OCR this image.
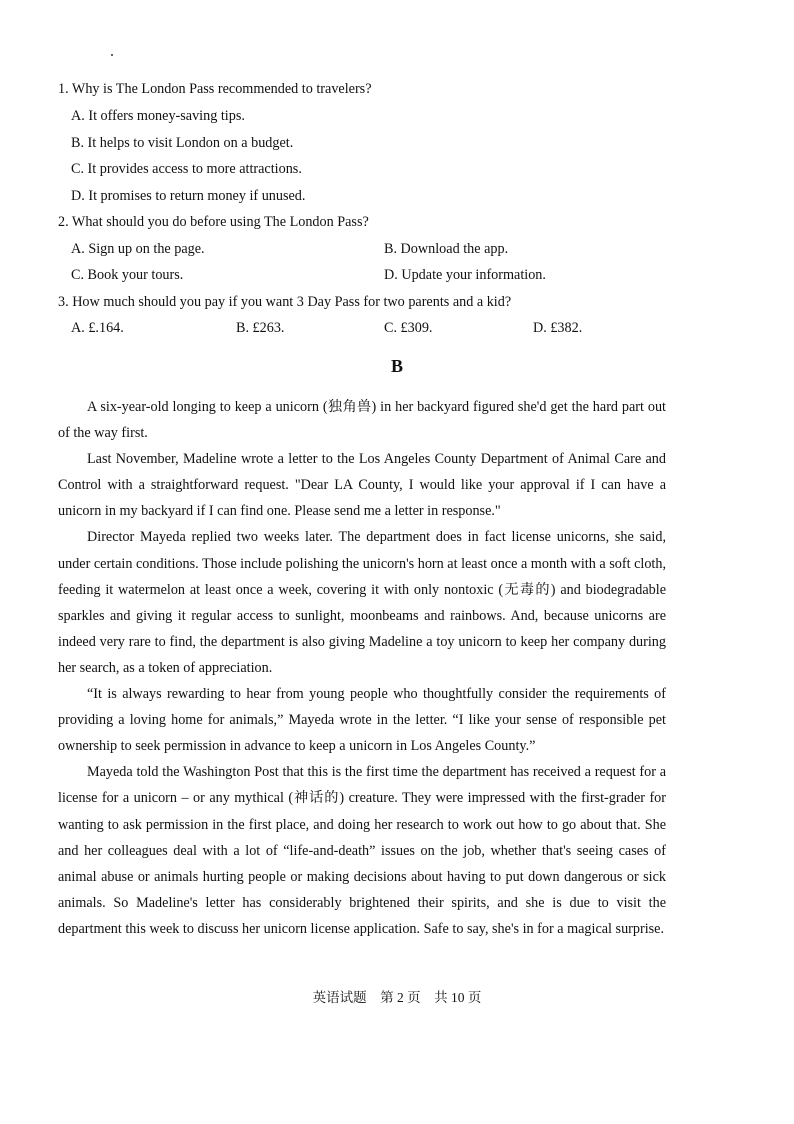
1. Why is The London Pass recommended to travelers?
A. It offers money-saving tips.
B. It helps to visit London on a budget.
C. It provides access to more attractions.
D. It promises to return money if unused.
2. What should you do before using The London Pass?
A. Sign up on the page.	B. Download the app.
C. Book your tours.	D. Update your information.
3. How much should you pay if you want 3 Day Pass for two parents and a kid?
A. £.164.	B. £263.	C. £309.	D. £382.
B

A six-year-old longing to keep a unicorn (独角兽) in her backyard figured she'd get the hard part out of the way first.

Last November, Madeline wrote a letter to the Los Angeles County Department of Animal Care and Control with a straightforward request. "Dear LA County, I would like your approval if I can have a unicorn in my backyard if I can find one. Please send me a letter in response."

Director Mayeda replied two weeks later. The department does in fact license unicorns, she said, under certain conditions. Those include polishing the unicorn's horn at least once a month with a soft cloth, feeding it watermelon at least once a week, covering it with only nontoxic (无毒的) and biodegradable sparkles and giving it regular access to sunlight, moonbeams and rainbows. And, because unicorns are indeed very rare to find, the department is also giving Madeline a toy unicorn to keep her company during her search, as a token of appreciation.

“It is always rewarding to hear from young people who thoughtfully consider the requirements of providing a loving home for animals,” Mayeda wrote in the letter. “I like your sense of responsible pet ownership to seek permission in advance to keep a unicorn in Los Angeles County.”

Mayeda told the Washington Post that this is the first time the department has received a request for a license for a unicorn – or any mythical (神话的) creature. They were impressed with the first-grader for wanting to ask permission in the first place, and doing her research to work out how to go about that. She and her colleagues deal with a lot of “life-and-death” issues on the job, whether that's seeing cases of animal abuse or animals hurting people or making decisions about having to put down dangerous or sick animals. So Madeline's letter has considerably brightened their spirits, and she is due to visit the department this week to discuss her unicorn license application. Safe to say, she's in for a magical surprise.

英语试题　第 2 页　共 10 页
